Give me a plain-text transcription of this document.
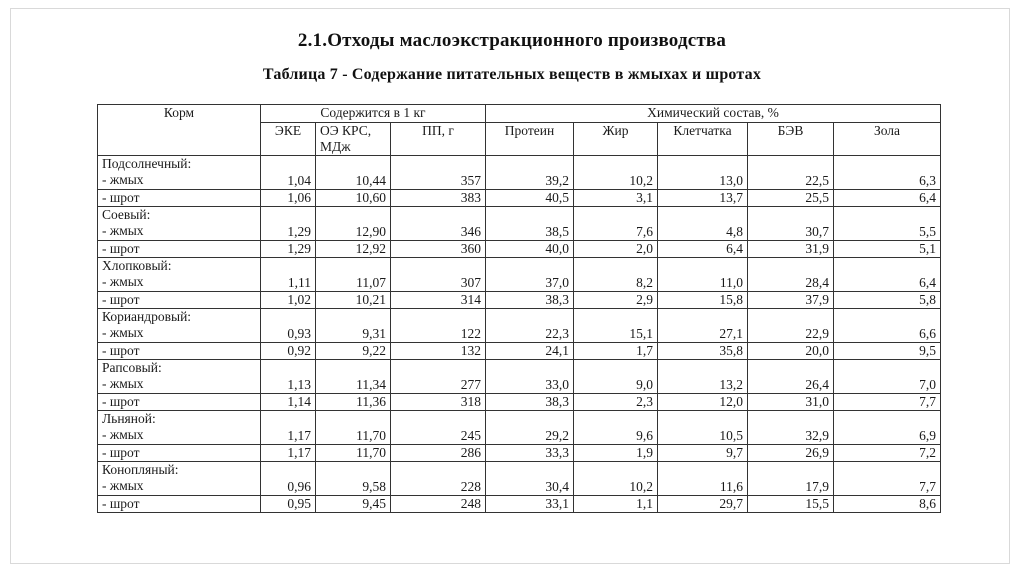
2.1.Отходы маслоэкстракционного производства
Таблица 7 - Содержание питательных веществ в жмыхах и шротах
Корм	Содержится в 1 кг			Химический состав, %				
	ЭКЕ	ОЭ КРС,
МДж	ПП, г	Протеин	Жир	Клетчатка	БЭВ	Зола

Подсолнечный:
- жмых	1,04	10,44	357	39,2	10,2	13,0	22,5	6,3

- шрот	1,06	10,60	383	40,5	3,1	13,7	25,5	6,4

Соевый:
- жмых	1,29	12,90	346	38,5	7,6	4,8	30,7	5,5

- шрот	1,29	12,92	360	40,0	2,0	6,4	31,9	5,1

Хлопковый:
- жмых	1,11	11,07	307	37,0	8,2	11,0	28,4	6,4

- шрот	1,02	10,21	314	38,3	2,9	15,8	37,9	5,8

Кориандровый:
- жмых	0,93	9,31	122	22,3	15,1	27,1	22,9	6,6

- шрот	0,92	9,22	132	24,1	1,7	35,8	20,0	9,5

Рапсовый:
- жмых	1,13	11,34	277	33,0	9,0	13,2	26,4	7,0

- шрот	1,14	11,36	318	38,3	2,3	12,0	31,0	7,7

Льняной:
- жмых	1,17	11,70	245	29,2	9,6	10,5	32,9	6,9

- шрот	1,17	11,70	286	33,3	1,9	9,7	26,9	7,2

Конопляный:
- жмых	0,96	9,58	228	30,4	10,2	11,6	17,9	7,7

- шрот	0,95	9,45	248	33,1	1,1	29,7	15,5	8,6
